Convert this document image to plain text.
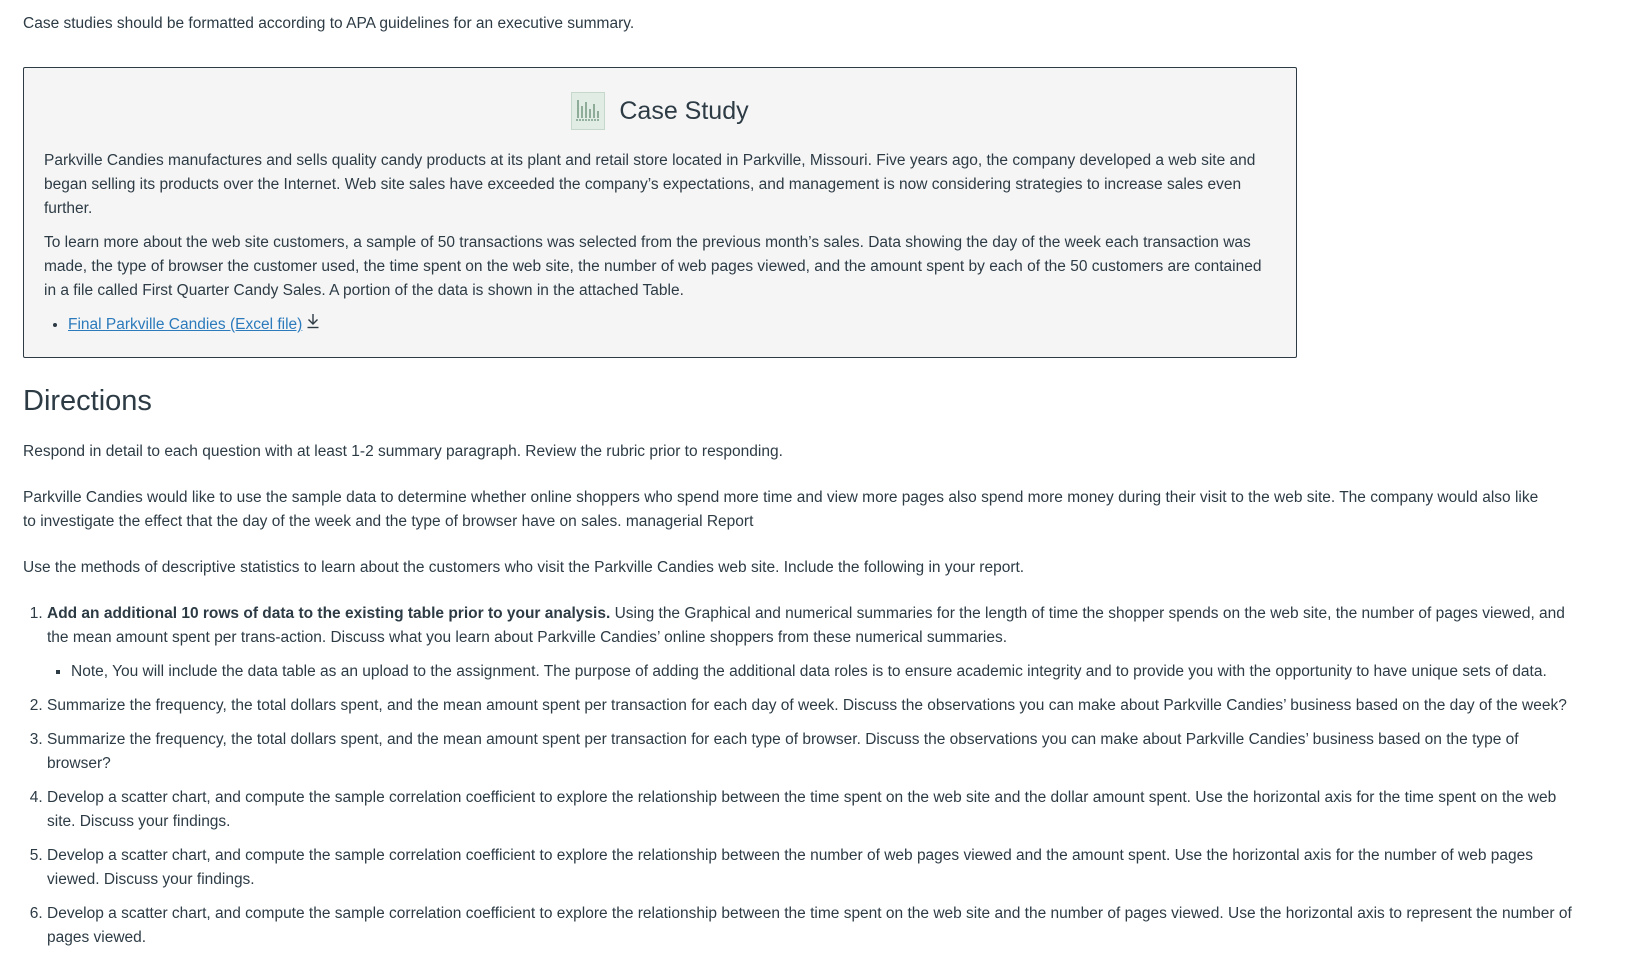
Case studies should be formatted according to APA guidelines for an executive summary.

Case Study

Parkville Candies manufactures and sells quality candy products at its plant and retail store located in Parkville, Missouri. Five years ago, the company developed a web site and began selling its products over the Internet. Web site sales have exceeded the company’s expectations, and management is now considering strategies to increase sales even further.

To learn more about the web site customers, a sample of 50 transactions was selected from the previous month’s sales. Data showing the day of the week each transaction was made, the type of browser the customer used, the time spent on the web site, the number of web pages viewed, and the amount spent by each of the 50 customers are contained in a file called First Quarter Candy Sales. A portion of the data is shown in the attached Table.

• Final Parkville Candies (Excel file)
Directions

Respond in detail to each question with at least 1-2 summary paragraph. Review the rubric prior to responding.

Parkville Candies would like to use the sample data to determine whether online shoppers who spend more time and view more pages also spend more money during their visit to the web site. The company would also like to investigate the effect that the day of the week and the type of browser have on sales. managerial Report

Use the methods of descriptive statistics to learn about the customers who visit the Parkville Candies web site. Include the following in your report.

1. Add an additional 10 rows of data to the existing table prior to your analysis. Using the Graphical and numerical summaries for the length of time the shopper spends on the web site, the number of pages viewed, and the mean amount spent per trans-action. Discuss what you learn about Parkville Candies’ online shoppers from these numerical summaries.
▪ Note, You will include the data table as an upload to the assignment. The purpose of adding the additional data roles is to ensure academic integrity and to provide you with the opportunity to have unique sets of data.
2. Summarize the frequency, the total dollars spent, and the mean amount spent per transaction for each day of week. Discuss the observations you can make about Parkville Candies’ business based on the day of the week?
3. Summarize the frequency, the total dollars spent, and the mean amount spent per transaction for each type of browser. Discuss the observations you can make about Parkville Candies’ business based on the type of browser?
4. Develop a scatter chart, and compute the sample correlation coefficient to explore the relationship between the time spent on the web site and the dollar amount spent. Use the horizontal axis for the time spent on the web site. Discuss your findings.
5. Develop a scatter chart, and compute the sample correlation coefficient to explore the relationship between the number of web pages viewed and the amount spent. Use the horizontal axis for the number of web pages viewed. Discuss your findings.
6. Develop a scatter chart, and compute the sample correlation coefficient to explore the relationship between the time spent on the web site and the number of pages viewed. Use the horizontal axis to represent the number of pages viewed.
